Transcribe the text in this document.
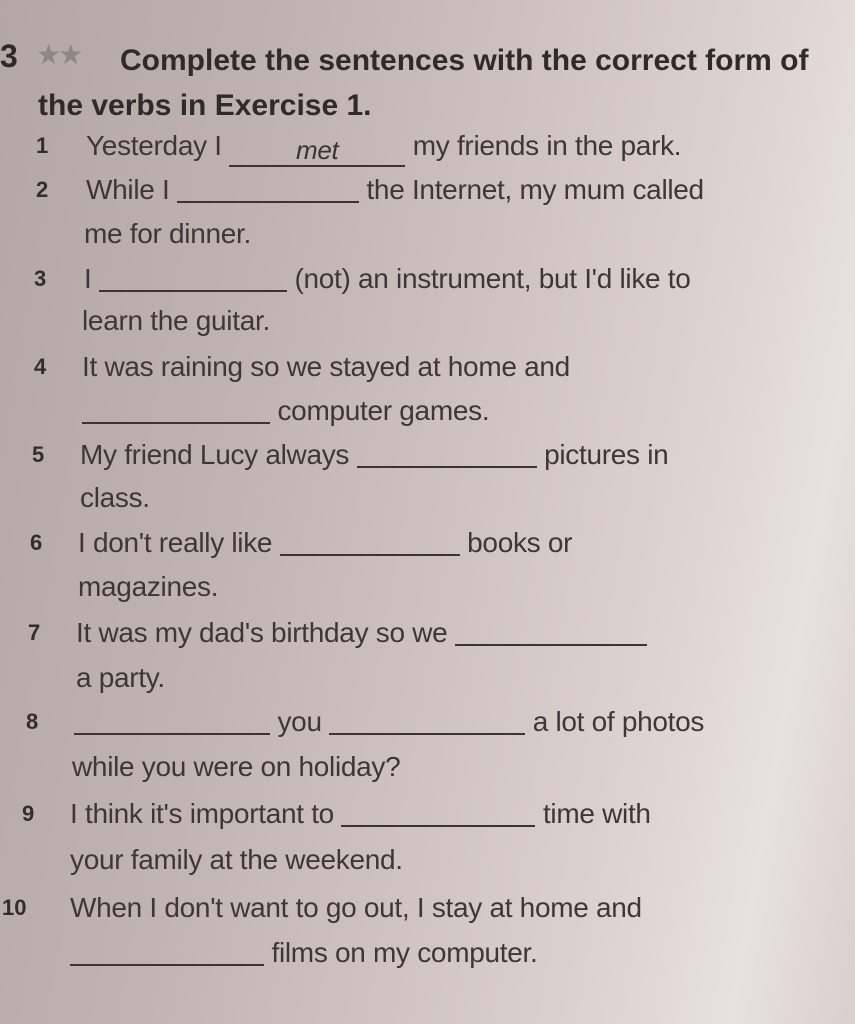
3 ★★	Complete the sentences with the correct form of the verbs in Exercise 1.
1 Yesterday I	met	my friends in the park.
2 While I	the Internet, my mum called
me for dinner.
3 I	(not) an instrument, but I'd like to
learn the guitar.
4 It was raining so we stayed at home and
computer games.
5 My friend Lucy always	pictures in
class.
6 I don't really like	books or
magazines.
7 It was my dad's birthday so we
a party.
8	you	a lot of photos
while you were on holiday?
9 I think it's important to	time with
your family at the weekend.
10 When I don't want to go out, I stay at home and
films on my computer.
